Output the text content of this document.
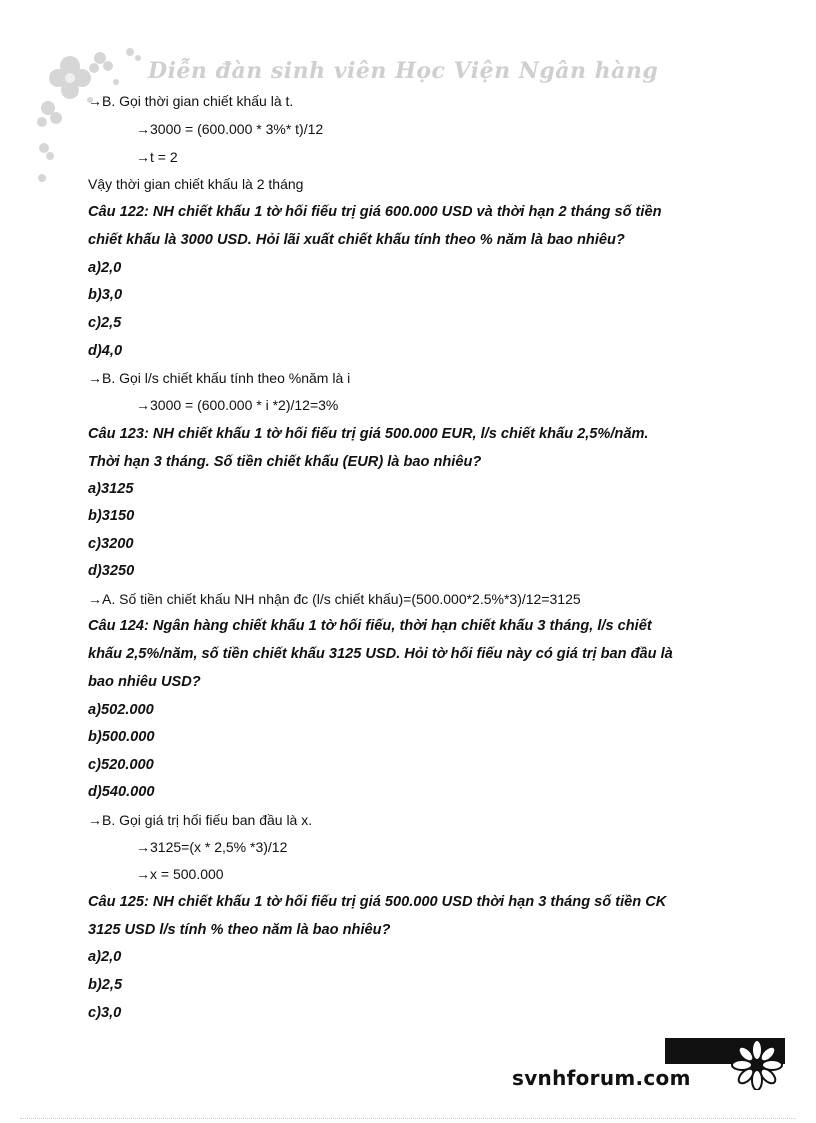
Diễn đàn sinh viên Học Viện Ngân hàng
→B. Gọi thời gian chiết khấu là t.
→3000 = (600.000 * 3%* t)/12
→t = 2
Vậy thời gian chiết khấu là 2 tháng
Câu 122: NH chiết khấu 1 tờ hối fiếu trị giá 600.000 USD và thời hạn 2 tháng số tiền
chiết khấu là 3000 USD. Hỏi lãi xuất chiết khấu tính theo % năm là bao nhiêu?
a)2,0
b)3,0
c)2,5
d)4,0
→B. Gọi l/s chiết khấu tính theo %năm là i
→3000 = (600.000 * i *2)/12=3%
Câu 123: NH chiết khấu 1 tờ hối fiếu trị giá 500.000 EUR, l/s chiết khấu 2,5%/năm.
Thời hạn 3 tháng. Số tiền chiết khấu (EUR) là bao nhiêu?
a)3125
b)3150
c)3200
d)3250
→A. Số tiền chiết khấu NH nhận đc (l/s chiết khấu)=(500.000*2.5%*3)/12=3125
Câu 124: Ngân hàng chiết khấu 1 tờ hối fiếu, thời hạn chiết khấu 3 tháng, l/s chiết
khấu 2,5%/năm, số tiền chiết khấu 3125 USD. Hỏi tờ hối fiếu này có giá trị ban đầu là
bao nhiêu USD?
a)502.000
b)500.000
c)520.000
d)540.000
→B. Gọi giá trị hối fiếu ban đầu là x.
→3125=(x * 2,5% *3)/12
→x = 500.000
Câu 125: NH chiết khấu 1 tờ hối fiếu trị giá 500.000 USD thời hạn 3 tháng số tiền CK
3125 USD l/s tính % theo năm là bao nhiêu?
a)2,0
b)2,5
c)3,0
svnhforum.com
